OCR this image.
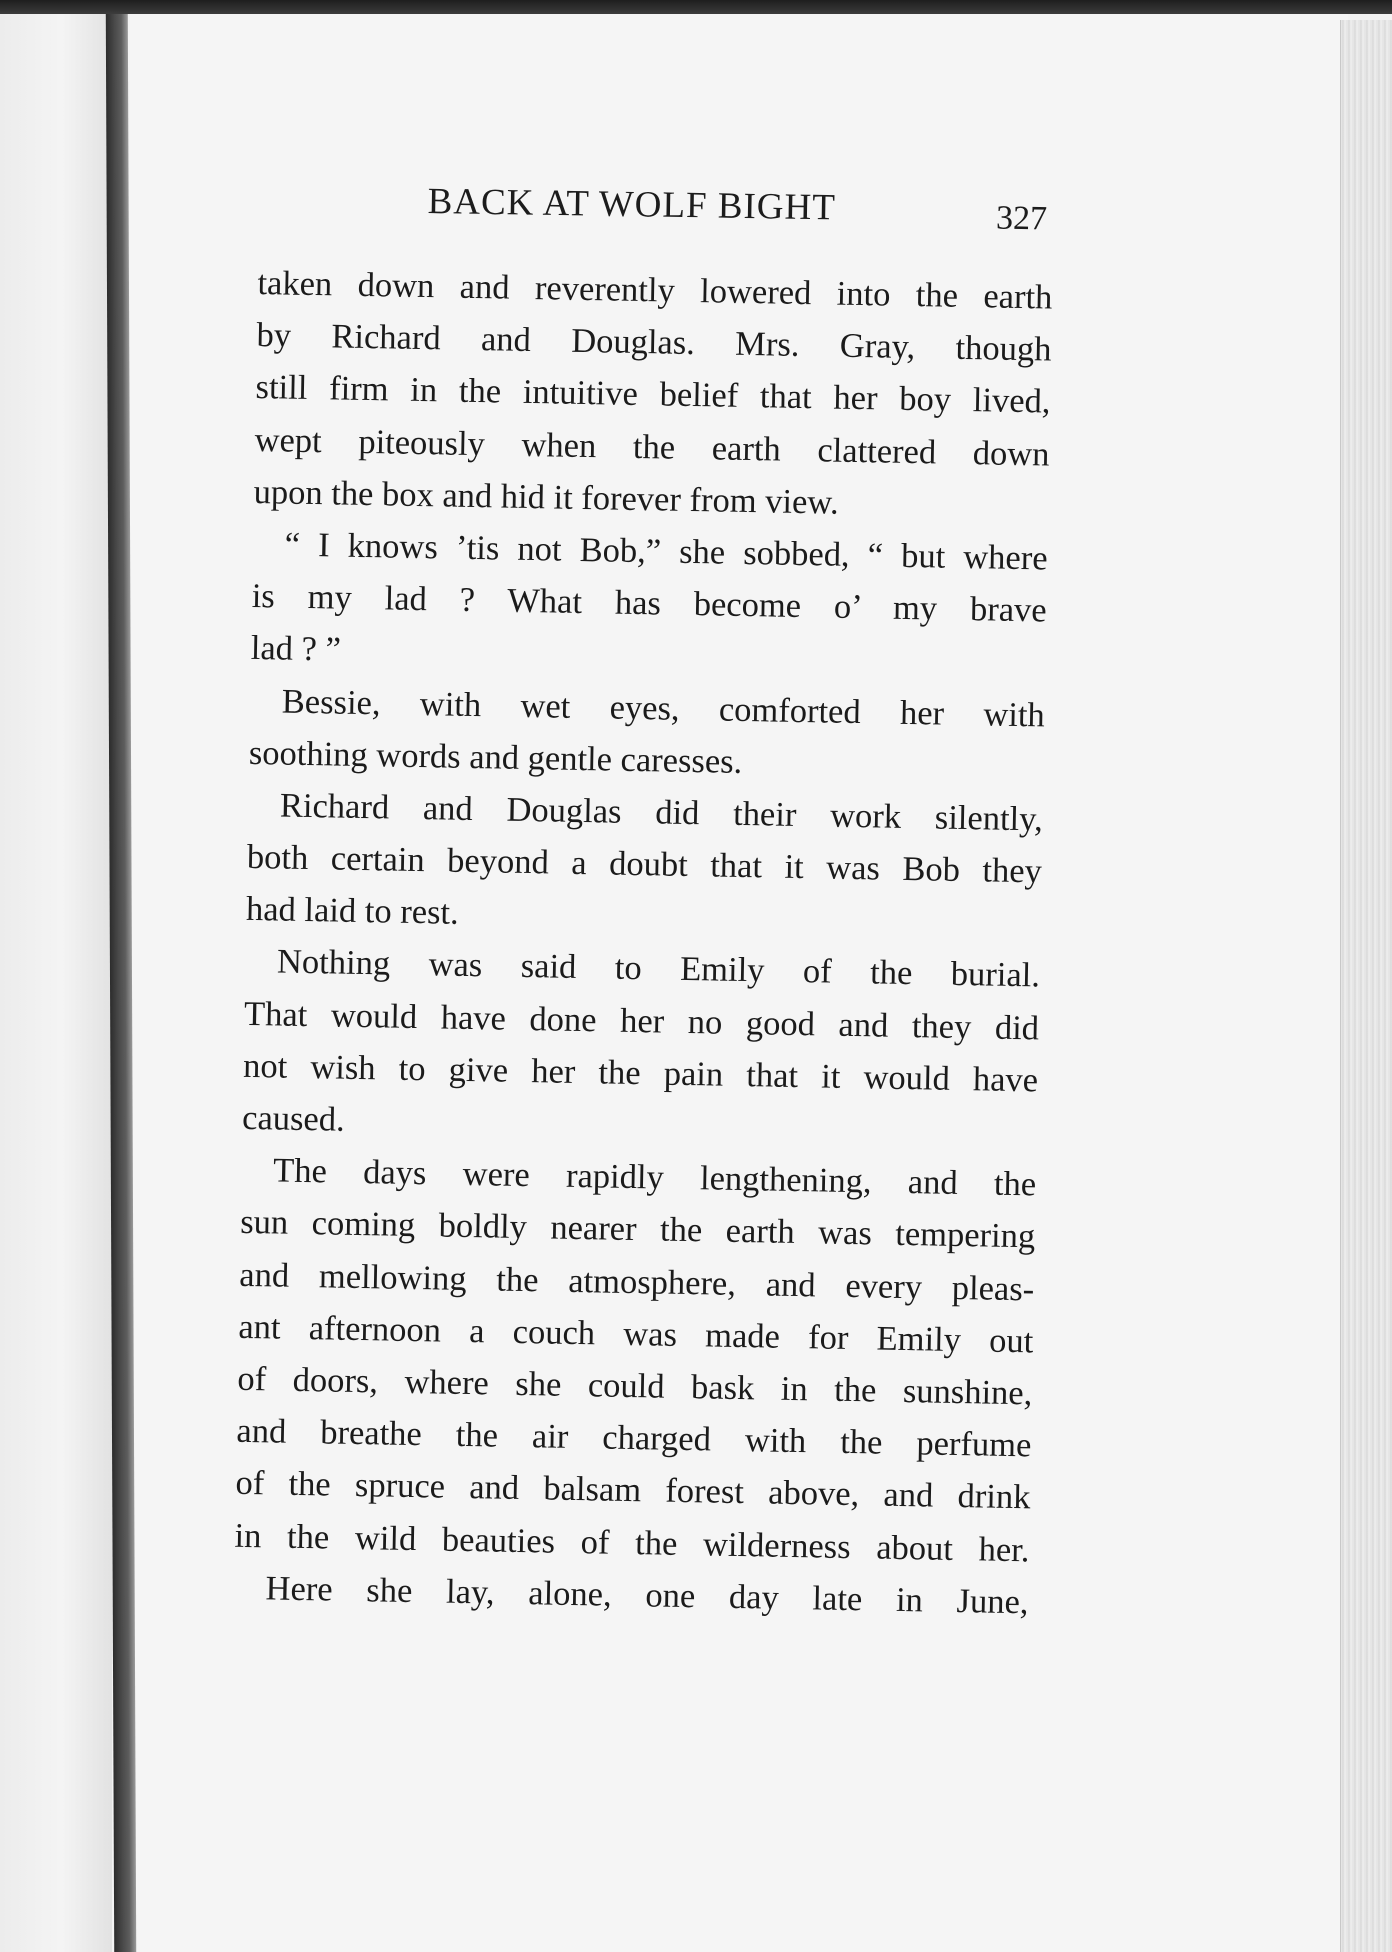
BACK AT WOLF BIGHT	327
taken down and reverently lowered into the earth
by Richard and Douglas. Mrs. Gray, though
still firm in the intuitive belief that her boy lived,
wept piteously when the earth clattered down
upon the box and hid it forever from view.
“ I knows ’tis not Bob,” she sobbed, “ but where
is my lad ? What has become o’ my brave
lad ? ”
Bessie, with wet eyes, comforted her with
soothing words and gentle caresses.
Richard and Douglas did their work silently,
both certain beyond a doubt that it was Bob they
had laid to rest.
Nothing was said to Emily of the burial.
That would have done her no good and they did
not wish to give her the pain that it would have
caused.
The days were rapidly lengthening, and the
sun coming boldly nearer the earth was tempering
and mellowing the atmosphere, and every pleas-
ant afternoon a couch was made for Emily out
of doors, where she could bask in the sunshine,
and breathe the air charged with the perfume
of the spruce and balsam forest above, and drink
in the wild beauties of the wilderness about her.
Here she lay, alone, one day late in June,
